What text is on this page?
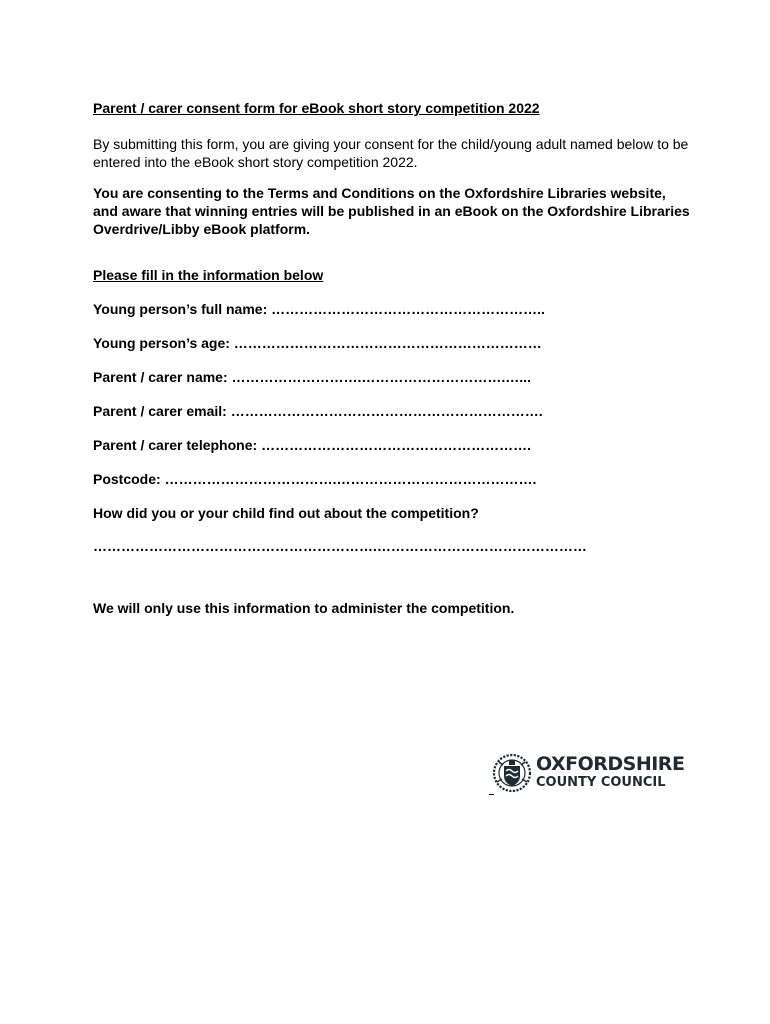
Parent / carer consent form for eBook short story competition 2022

By submitting this form, you are giving your consent for the child/young adult named below to be entered into the eBook short story competition 2022.

You are consenting to the Terms and Conditions on the Oxfordshire Libraries website, and aware that winning entries will be published in an eBook on the Oxfordshire Libraries Overdrive/Libby eBook platform.

Please fill in the information below

Young person’s full name: …………………………………………………..

Young person’s age: …………………………………………………………

Parent / carer name: ……………………….………………………….…...

Parent / carer email: ………………………………………………………….

Parent / carer telephone: ………………………………………………….

Postcode: ……………………………….…………………………………….

How did you or your child find out about the competition?

…………………………………………………….………………………………………

We will only use this information to administer the competition.

OXFORDSHIRE
COUNTY COUNCIL
